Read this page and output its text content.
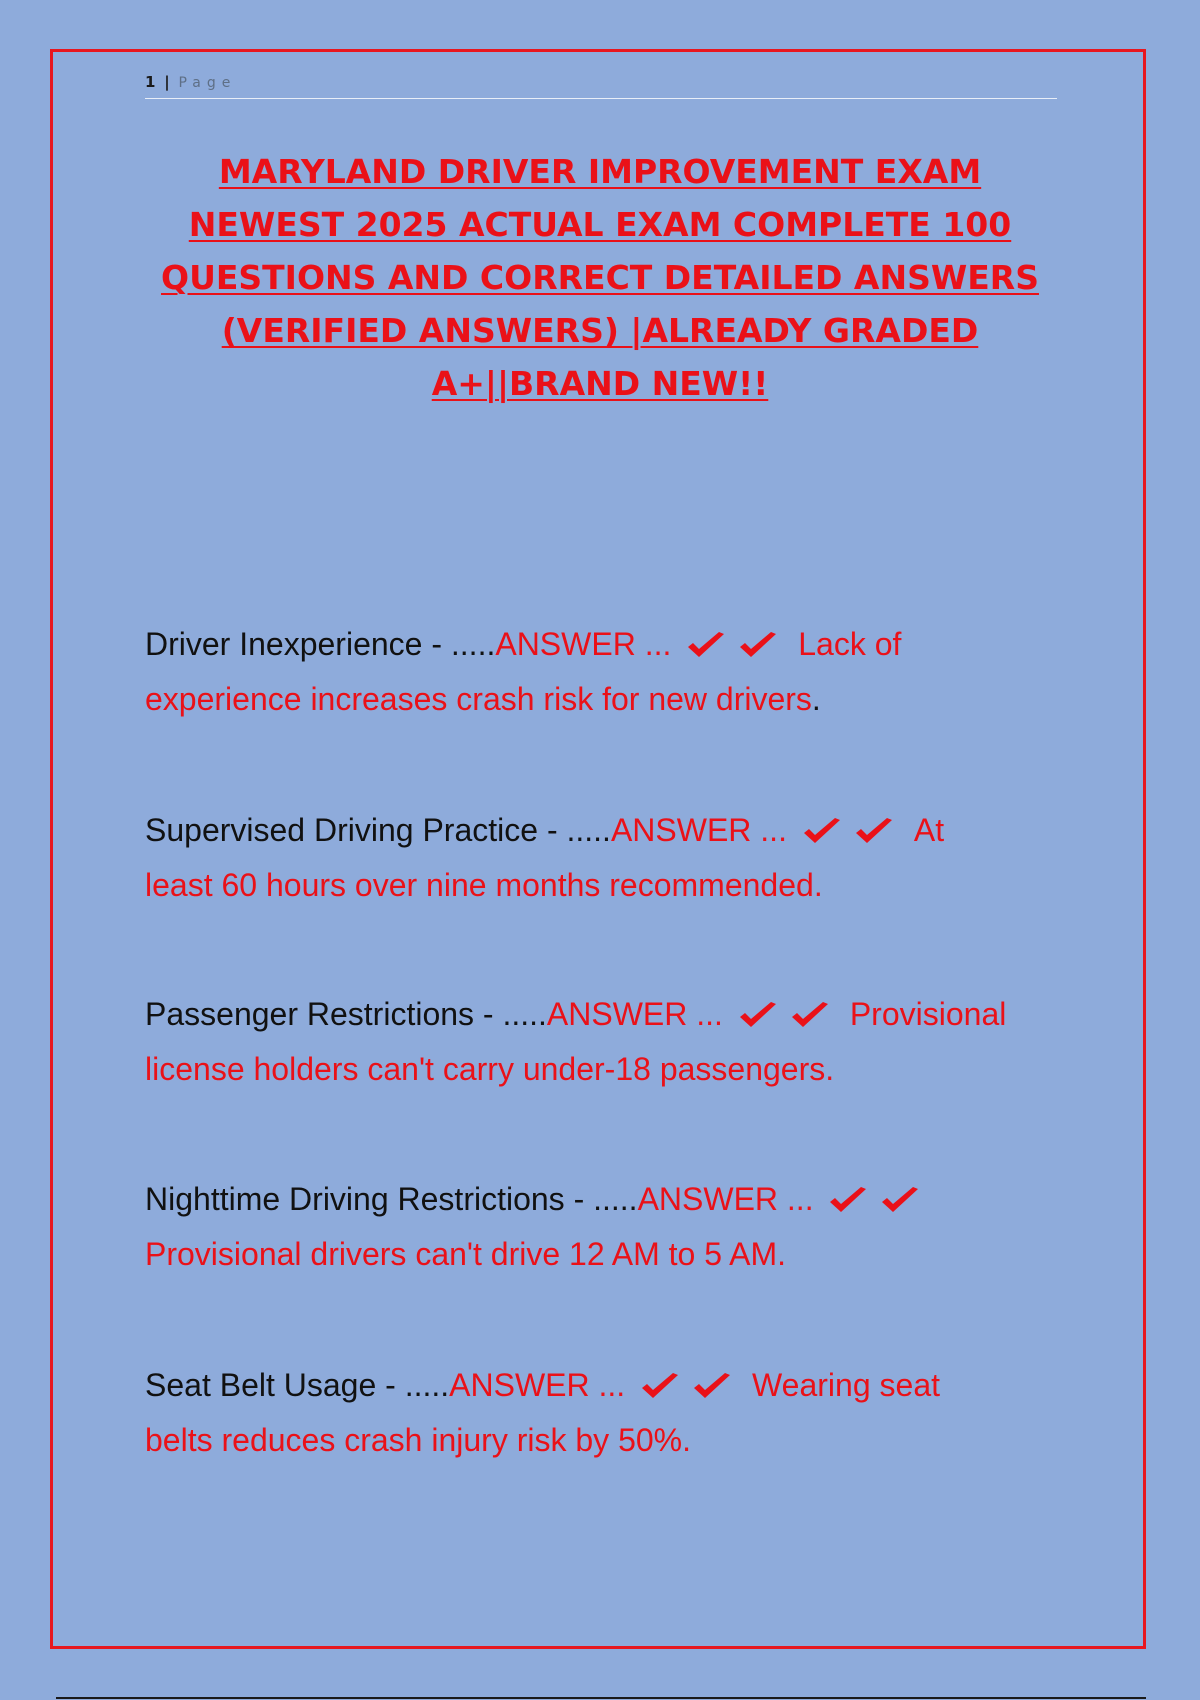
1 | Page
MARYLAND DRIVER IMPROVEMENT EXAM
NEWEST 2025 ACTUAL EXAM COMPLETE 100
QUESTIONS AND CORRECT DETAILED ANSWERS
(VERIFIED ANSWERS) |ALREADY GRADED
A+||BRAND NEW!!
Driver Inexperience - .....ANSWER ...	Lack of
experience increases crash risk for new drivers.
Supervised Driving Practice - .....ANSWER ...	At
least 60 hours over nine months recommended.
Passenger Restrictions - .....ANSWER ...	Provisional
license holders can't carry under-18 passengers.
Nighttime Driving Restrictions - .....ANSWER ...
Provisional drivers can't drive 12 AM to 5 AM.
Seat Belt Usage - .....ANSWER ...	Wearing seat
belts reduces crash injury risk by 50%.
